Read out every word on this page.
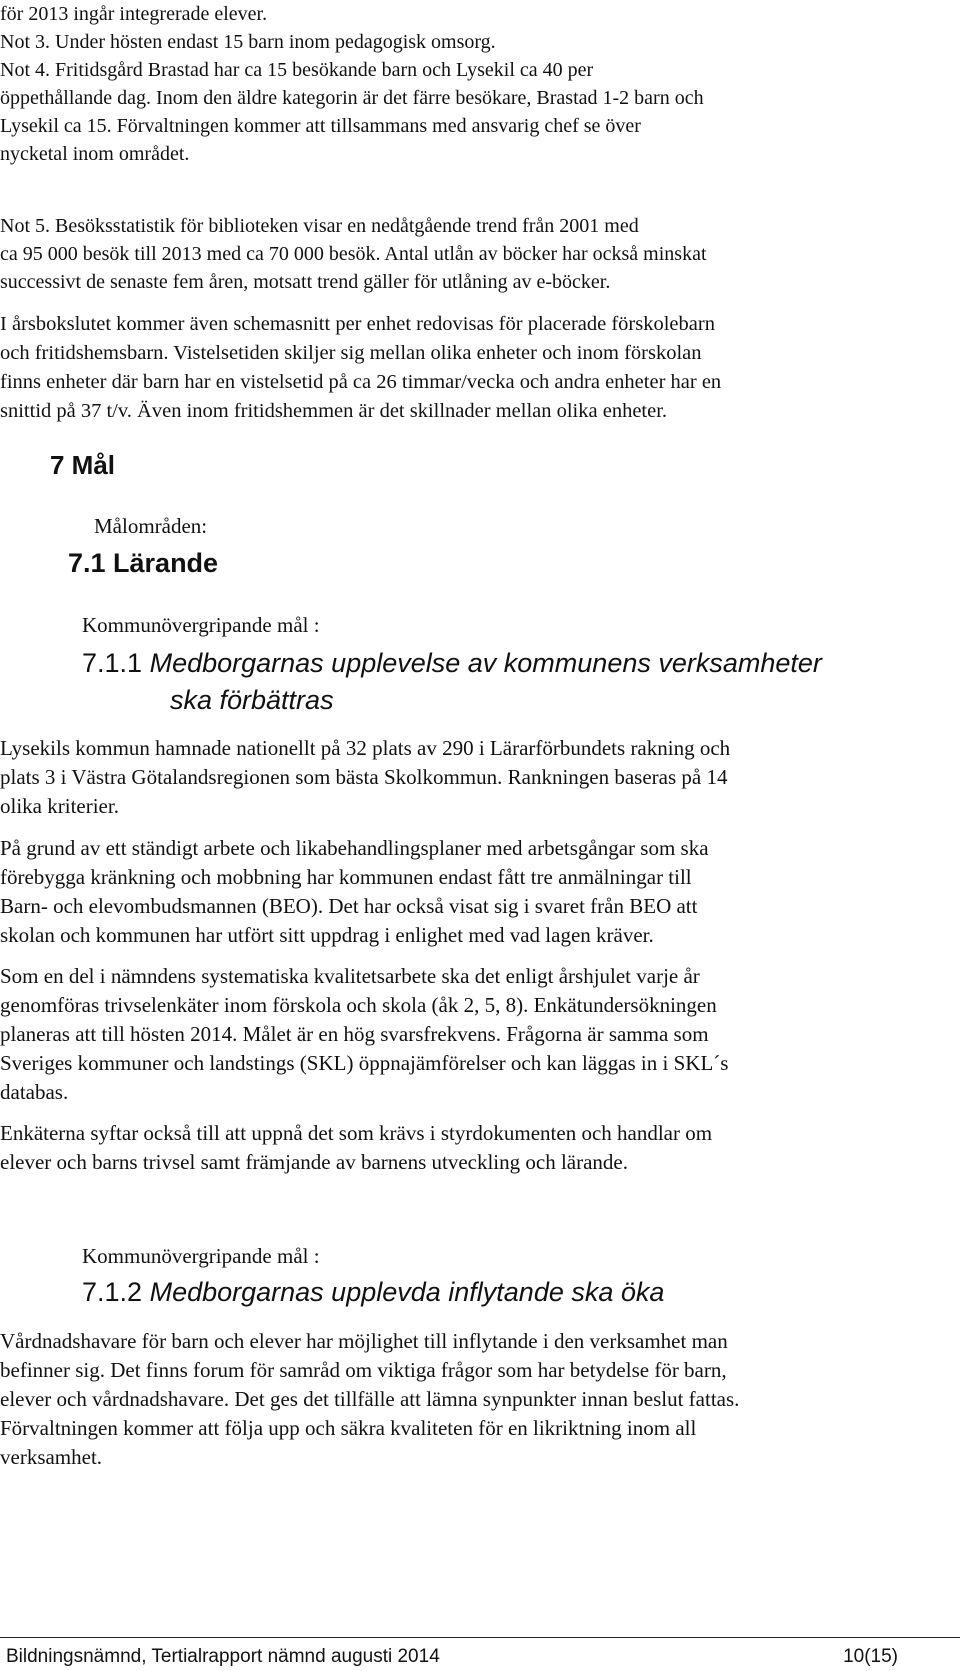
för 2013 ingår integrerade elever.
Not 3. Under hösten endast 15 barn inom pedagogisk omsorg.
Not 4. Fritidsgård Brastad har ca 15 besökande barn och Lysekil ca 40 per
öppethållande dag. Inom den äldre kategorin är det färre besökare, Brastad 1-2 barn och
Lysekil ca 15. Förvaltningen kommer att tillsammans med ansvarig chef se över
nycketal inom området.
Not 5. Besöksstatistik för biblioteken visar en nedåtgående trend från 2001 med
ca 95 000 besök till 2013 med ca 70 000 besök. Antal utlån av böcker har också minskat
successivt de senaste fem åren, motsatt trend gäller för utlåning av e-böcker.
I årsbokslutet kommer även schemasnitt per enhet redovisas för placerade förskolebarn
och fritidshemsbarn. Vistelsetiden skiljer sig mellan olika enheter och inom förskolan
finns enheter där barn har en vistelsetid på ca 26 timmar/vecka och andra enheter har en
snittid på 37 t/v. Även inom fritidshemmen är det skillnader mellan olika enheter.
7 Mål

Målområden:

7.1 Lärande

Kommunövergripande mål :

7.1.1 Medborgarnas upplevelse av kommunens verksamheter
ska förbättras
Lysekils kommun hamnade nationellt på 32 plats av 290 i Lärarförbundets rakning och
plats 3 i Västra Götalandsregionen som bästa Skolkommun. Rankningen baseras på 14
olika kriterier.
På grund av ett ständigt arbete och likabehandlingsplaner med arbetsgångar som ska
förebygga kränkning och mobbning har kommunen endast fått tre anmälningar till
Barn- och elevombudsmannen (BEO). Det har också visat sig i svaret från BEO att
skolan och kommunen har utfört sitt uppdrag i enlighet med vad lagen kräver.
Som en del i nämndens systematiska kvalitetsarbete ska det enligt årshjulet varje år
genomföras trivselenkäter inom förskola och skola (åk 2, 5, 8). Enkätundersökningen
planeras att till hösten 2014. Målet är en hög svarsfrekvens. Frågorna är samma som
Sveriges kommuner och landstings (SKL) öppnajämförelser och kan läggas in i SKL´s
databas.
Enkäterna syftar också till att uppnå det som krävs i styrdokumenten och handlar om
elever och barns trivsel samt främjande av barnens utveckling och lärande.

Kommunövergripande mål :

7.1.2 Medborgarnas upplevda inflytande ska öka
Vårdnadshavare för barn och elever har möjlighet till inflytande i den verksamhet man
befinner sig. Det finns forum för samråd om viktiga frågor som har betydelse för barn,
elever och vårdnadshavare. Det ges det tillfälle att lämna synpunkter innan beslut fattas.
Förvaltningen kommer att följa upp och säkra kvaliteten för en likriktning inom all
verksamhet.

Bildningsnämnd, Tertialrapport nämnd augusti 2014	10(15)
